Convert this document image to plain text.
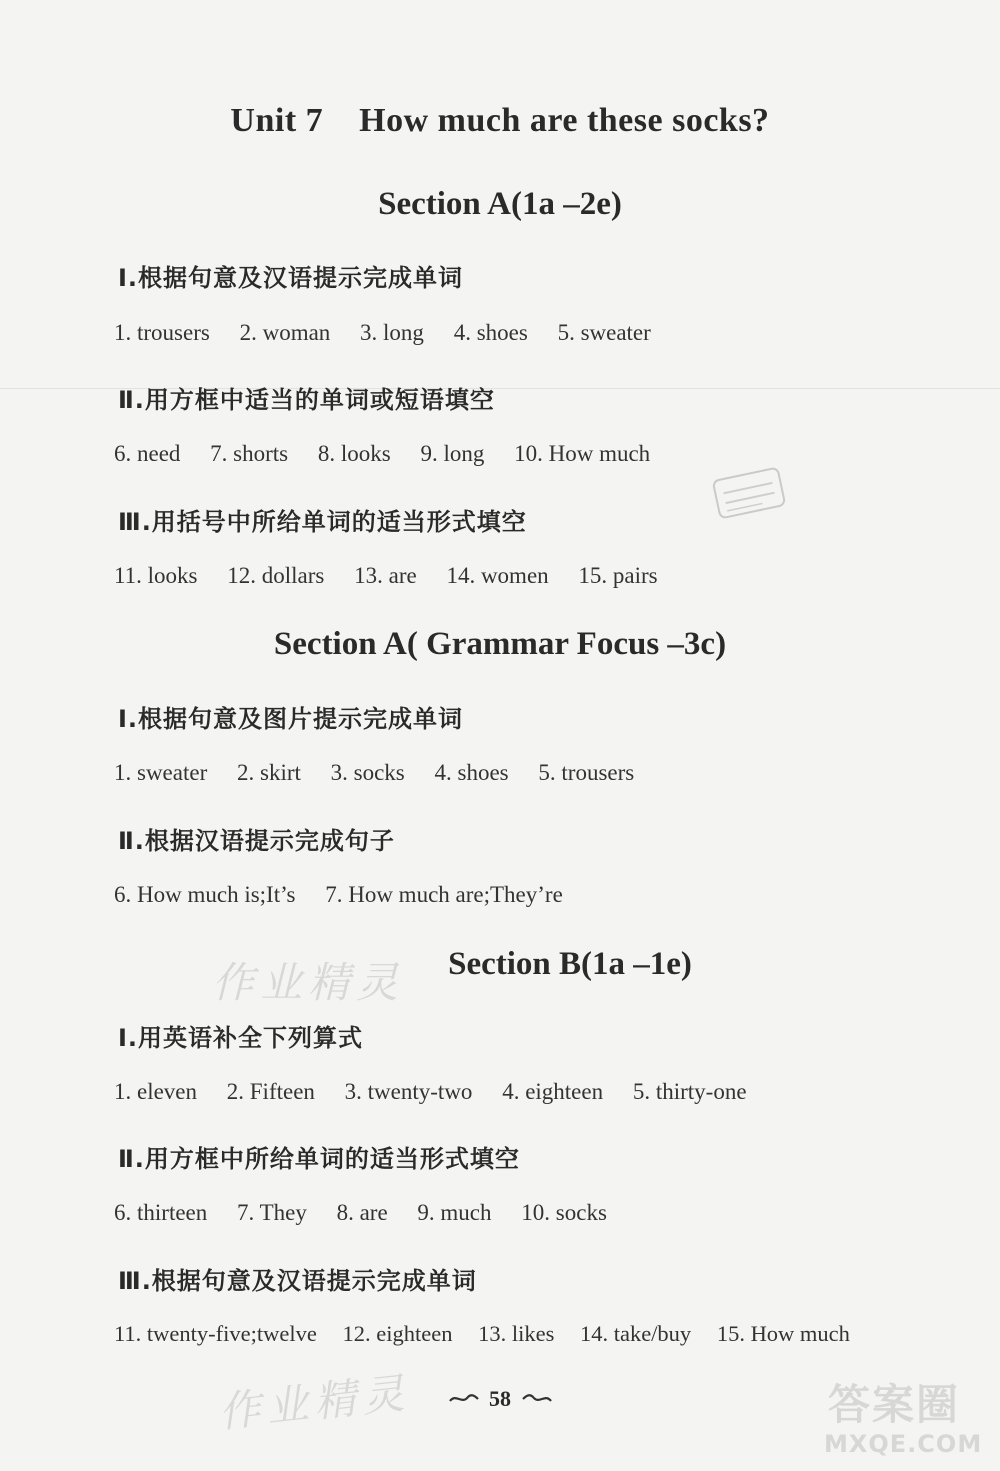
Unit 7    How much are these socks?
Section A(1a –2e)
Ⅰ.根据句意及汉语提示完成单词
1. trousers 2. woman 3. long 4. shoes 5. sweater
Ⅱ.用方框中适当的单词或短语填空
6. need 7. shorts 8. looks 9. long 10. How much
Ⅲ.用括号中所给单词的适当形式填空
11. looks 12. dollars 13. are 14. women 15. pairs
Section A( Grammar Focus –3c)
Ⅰ.根据句意及图片提示完成单词
1. sweater 2. skirt 3. socks 4. shoes 5. trousers
Ⅱ.根据汉语提示完成句子
6. How much is;It’s 7. How much are;They’re
作业精灵	Section B(1a –1e)
Ⅰ.用英语补全下列算式
1. eleven 2. Fifteen 3. twenty-two 4. eighteen 5. thirty-one
Ⅱ.用方框中所给单词的适当形式填空
6. thirteen 7. They 8. are 9. much 10. socks
Ⅲ.根据句意及汉语提示完成单词
11. twenty-five;twelve 12. eighteen 13. likes 14. take/buy 15. How much
作业精灵	58	答案圈
MXQE.COM
